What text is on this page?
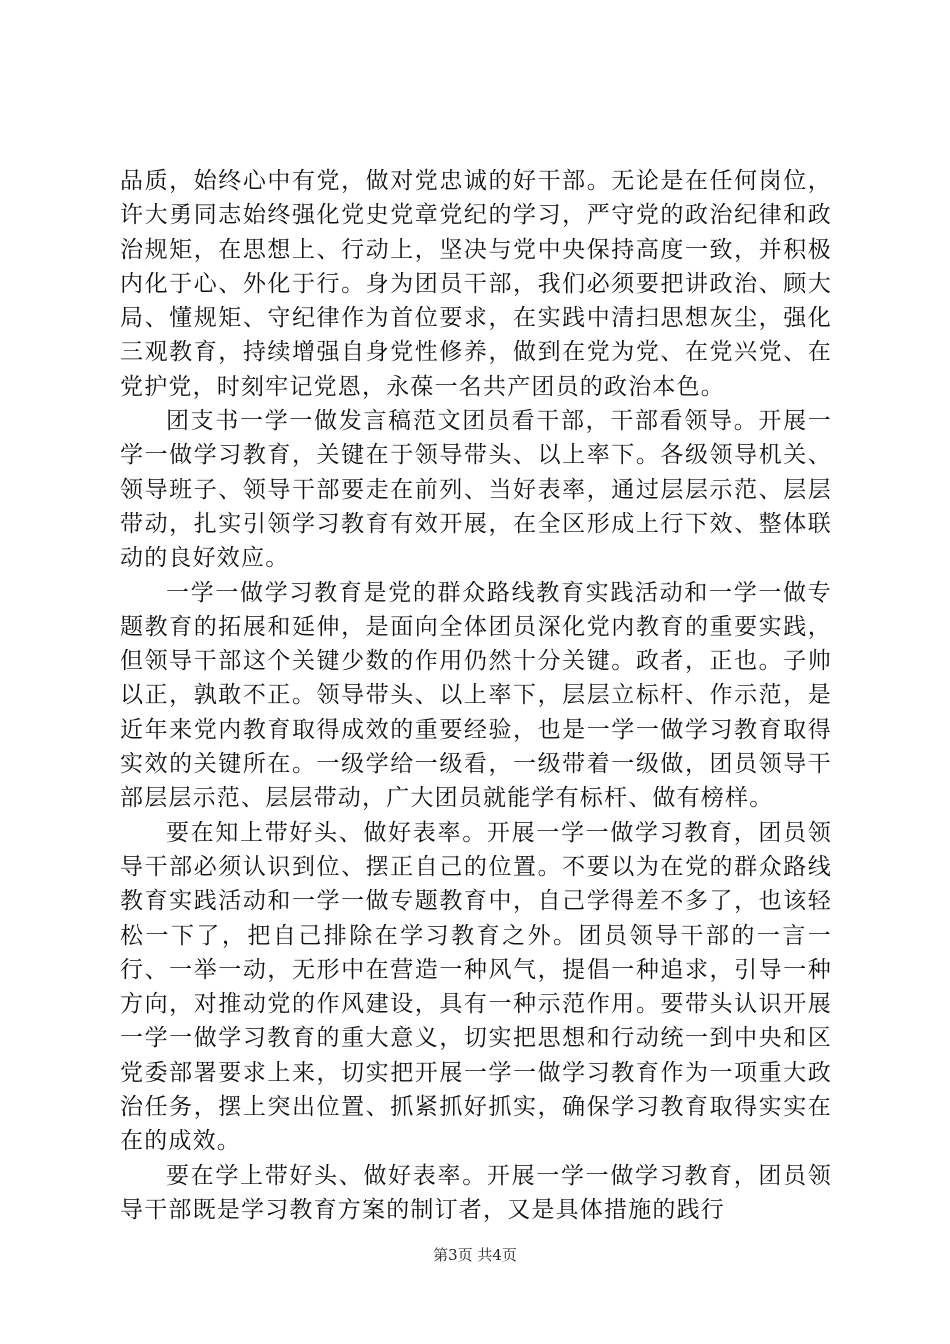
品质，始终心中有党，做对党忠诚的好干部。无论是在任何岗位，许大勇同志始终强化党史党章党纪的学习，严守党的政治纪律和政治规矩，在思想上、行动上，坚决与党中央保持高度一致，并积极内化于心、外化于行。身为团员干部，我们必须要把讲政治、顾大局、懂规矩、守纪律作为首位要求，在实践中清扫思想灰尘，强化三观教育，持续增强自身党性修养，做到在党为党、在党兴党、在党护党，时刻牢记党恩，永葆一名共产团员的政治本色。

团支书一学一做发言稿范文团员看干部，干部看领导。开展一学一做学习教育，关键在于领导带头、以上率下。各级领导机关、领导班子、领导干部要走在前列、当好表率，通过层层示范、层层带动，扎实引领学习教育有效开展，在全区形成上行下效、整体联动的良好效应。

一学一做学习教育是党的群众路线教育实践活动和一学一做专题教育的拓展和延伸，是面向全体团员深化党内教育的重要实践，但领导干部这个关键少数的作用仍然十分关键。政者，正也。子帅以正，孰敢不正。领导带头、以上率下，层层立标杆、作示范，是近年来党内教育取得成效的重要经验，也是一学一做学习教育取得实效的关键所在。一级学给一级看，一级带着一级做，团员领导干部层层示范、层层带动，广大团员就能学有标杆、做有榜样。

要在知上带好头、做好表率。开展一学一做学习教育，团员领导干部必须认识到位、摆正自己的位置。不要以为在党的群众路线教育实践活动和一学一做专题教育中，自己学得差不多了，也该轻松一下了，把自己排除在学习教育之外。团员领导干部的一言一行、一举一动，无形中在营造一种风气，提倡一种追求，引导一种方向，对推动党的作风建设，具有一种示范作用。要带头认识开展一学一做学习教育的重大意义，切实把思想和行动统一到中央和区党委部署要求上来，切实把开展一学一做学习教育作为一项重大政治任务，摆上突出位置、抓紧抓好抓实，确保学习教育取得实实在在的成效。

要在学上带好头、做好表率。开展一学一做学习教育，团员领导干部既是学习教育方案的制订者，又是具体措施的践行

第3页 共4页
